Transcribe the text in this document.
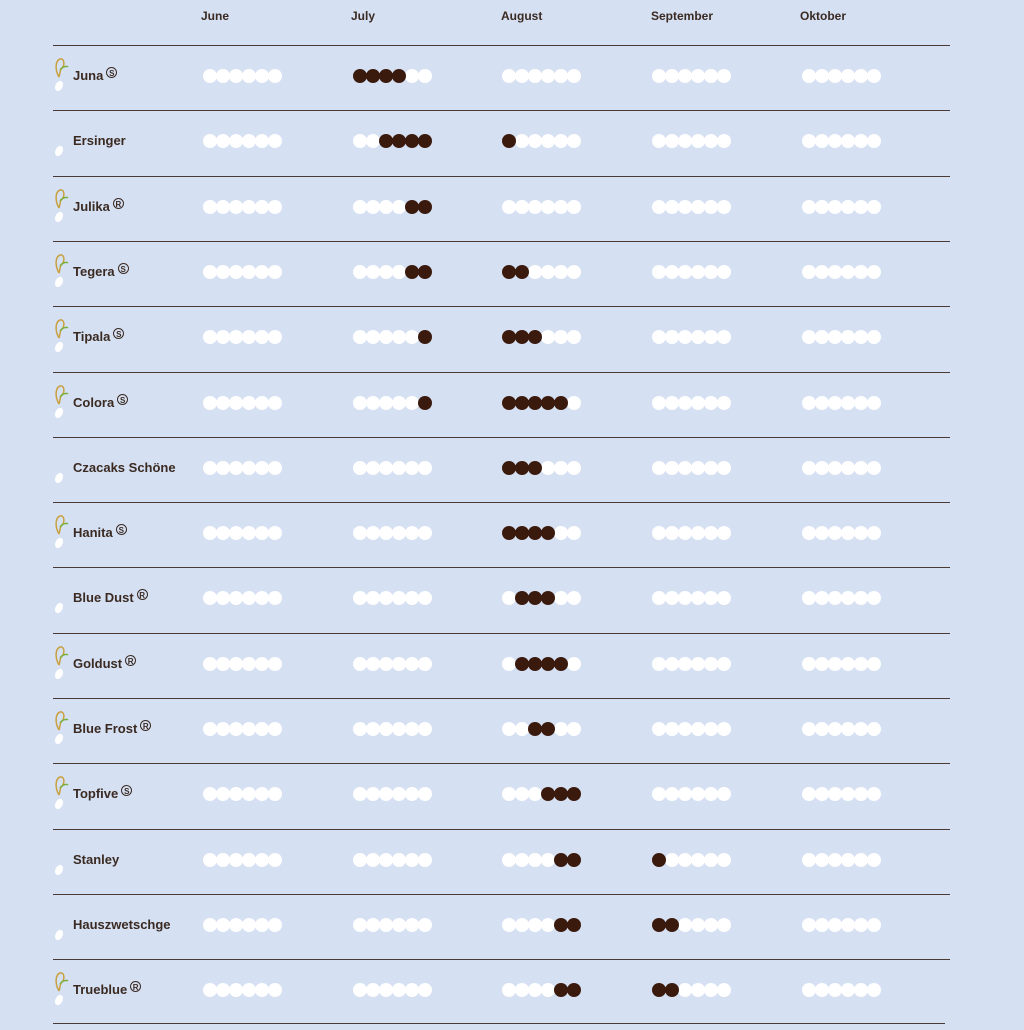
June	July	August	September	Oktober
Juna S
Ersinger
Julika R
Tegera S
Tipala S
Colora S
Czacaks Schöne
Hanita S
Blue Dust R
Goldust R
Blue Frost R
Topfive S
Stanley
Hauszwetschge
Trueblue R
